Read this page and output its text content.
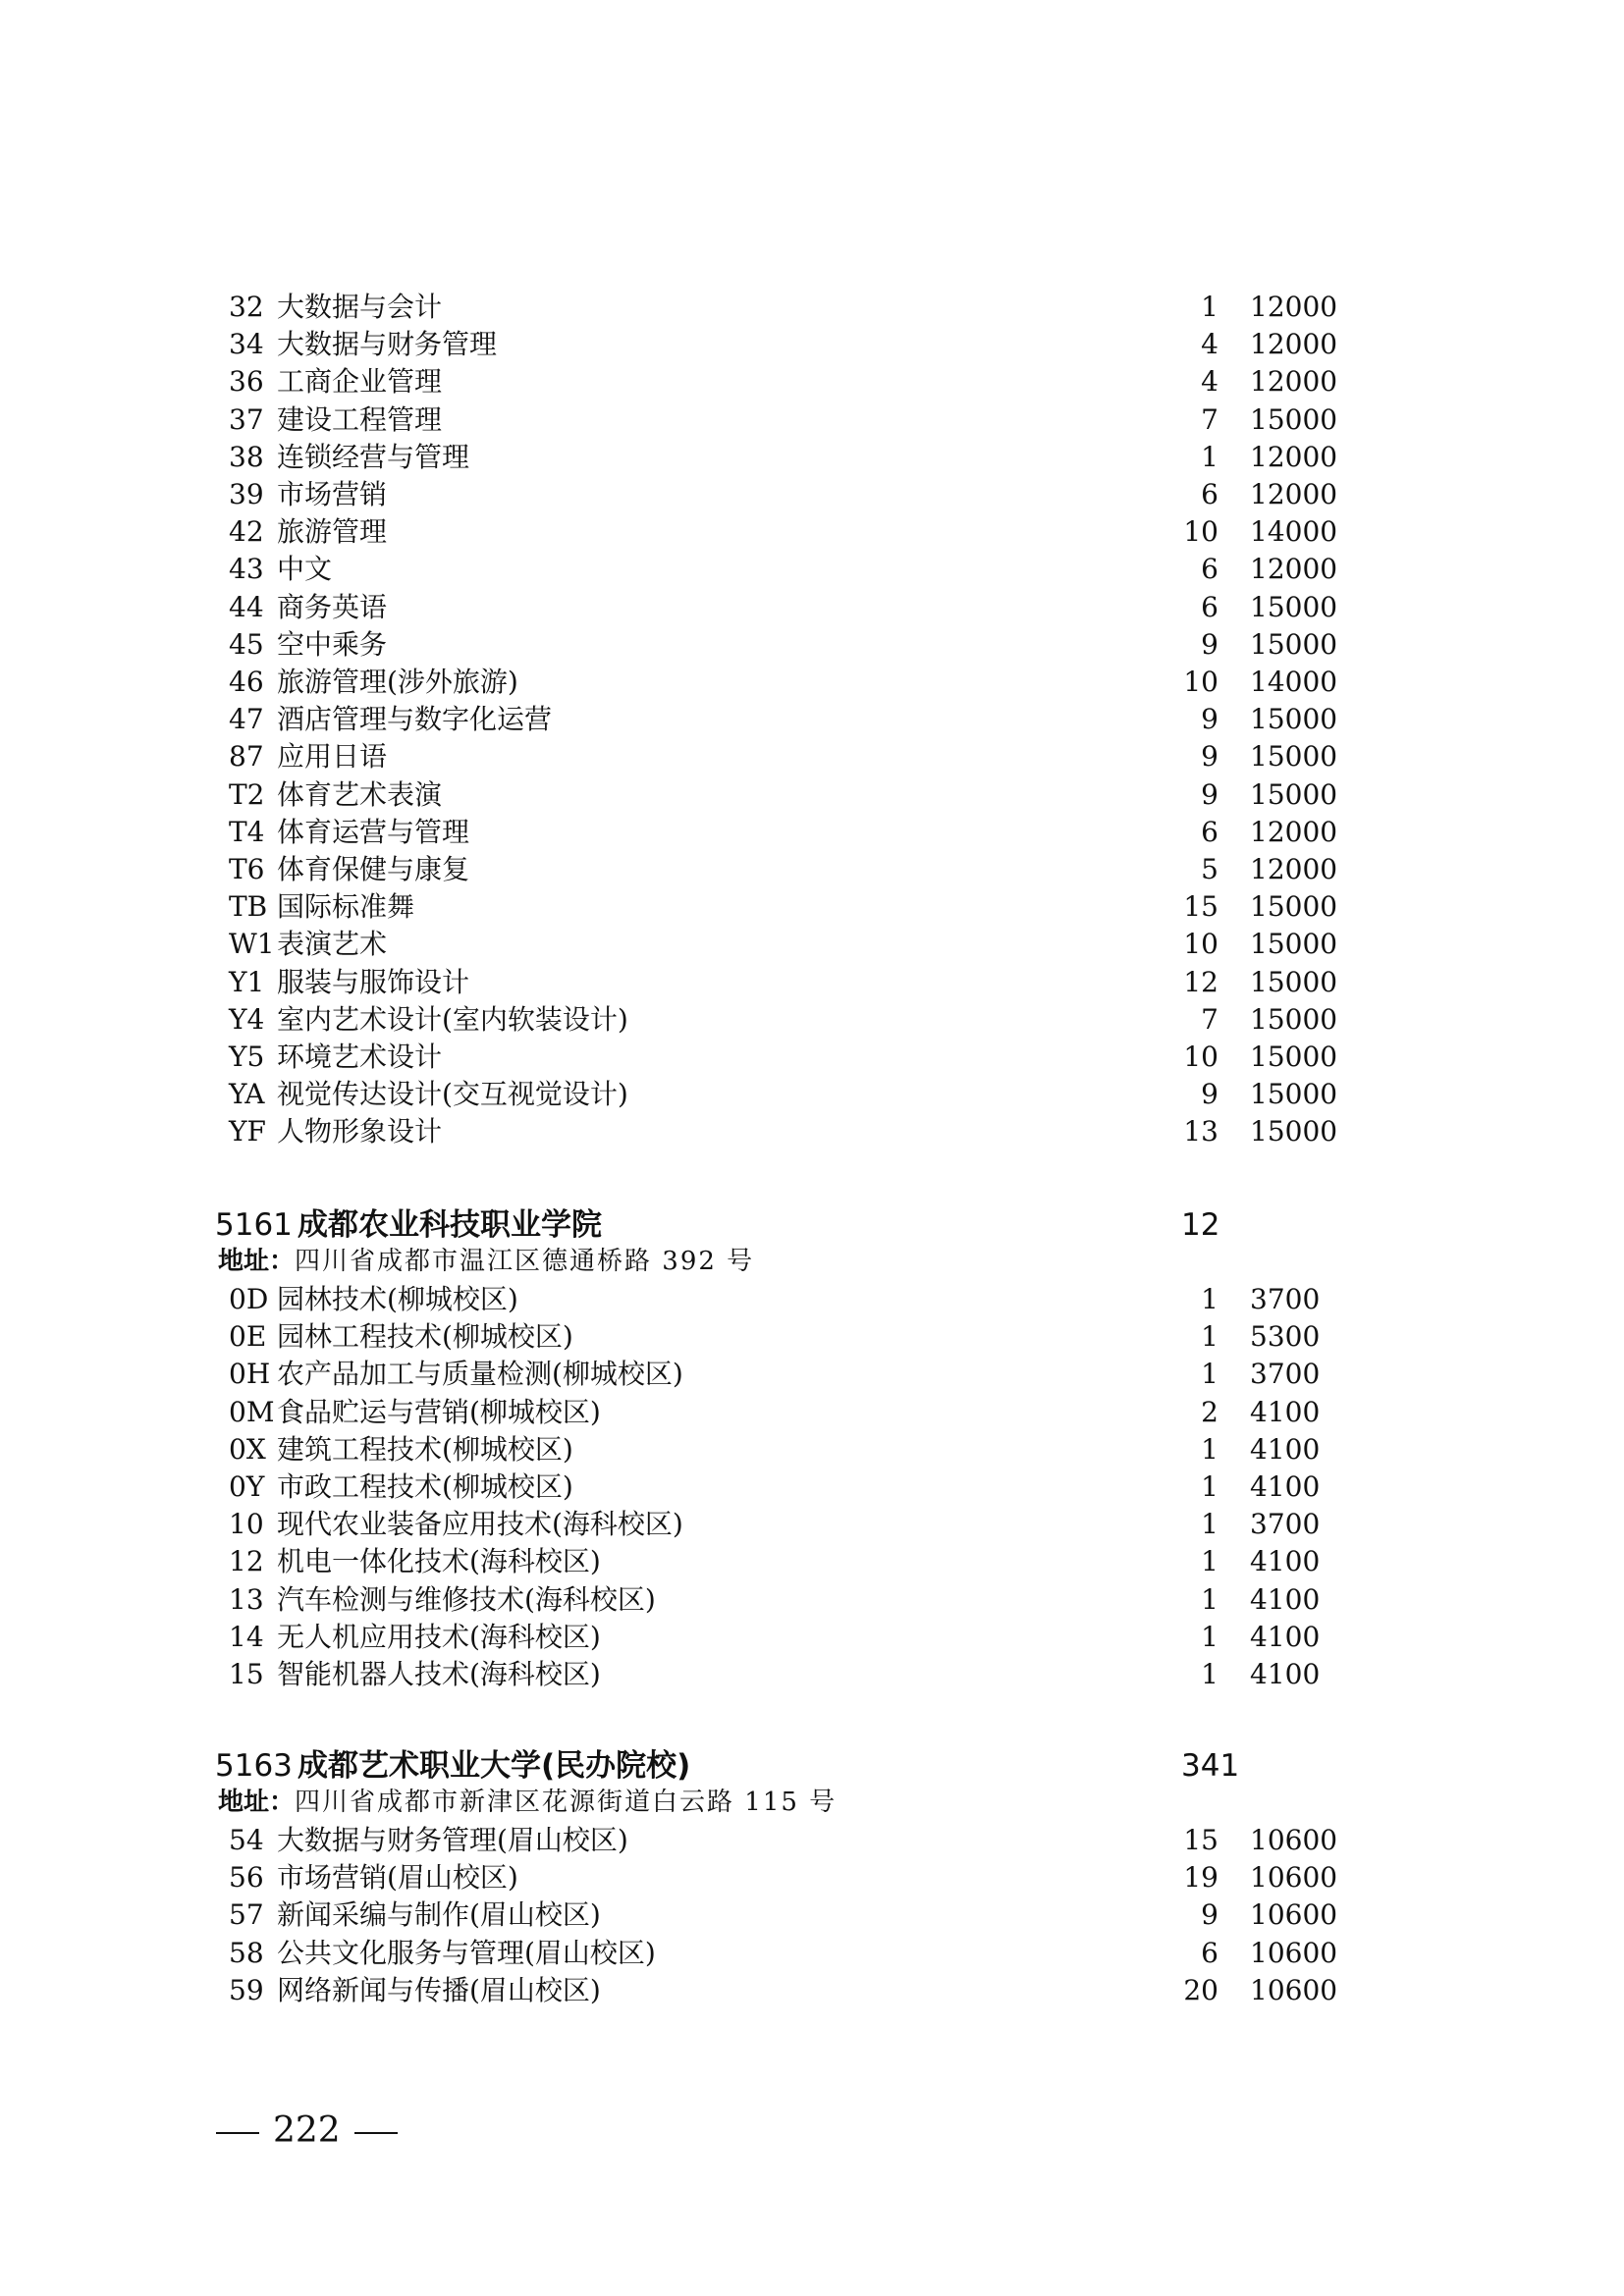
32 大数据与会计	1 12000
34 大数据与财务管理	4 12000
36 工商企业管理	4 12000
37 建设工程管理	7 15000
38 连锁经营与管理	1 12000
39 市场营销	6 12000
42 旅游管理	10 14000
43 中文	6 12000
44 商务英语	6 15000
45 空中乘务	9 15000
46 旅游管理(涉外旅游)	10 14000
47 酒店管理与数字化运营	9 15000
87 应用日语	9 15000
T2 体育艺术表演	9 15000
T4 体育运营与管理	6 12000
T6 体育保健与康复	5 12000
TB 国际标准舞	15 15000
W1 表演艺术	10 15000
Y1 服装与服饰设计	12 15000
Y4 室内艺术设计(室内软装设计)	7 15000
Y5 环境艺术设计	10 15000
YA 视觉传达设计(交互视觉设计)	9 15000
YF 人物形象设计	13 15000
5161 成都农业科技职业学院	12
地址：四川省成都市温江区德通桥路 392 号
0D 园林技术(柳城校区)	1 3700
0E 园林工程技术(柳城校区)	1 5300
0H 农产品加工与质量检测(柳城校区)	1 3700
0M 食品贮运与营销(柳城校区)	2 4100
0X 建筑工程技术(柳城校区)	1 4100
0Y 市政工程技术(柳城校区)	1 4100
10 现代农业装备应用技术(海科校区)	1 3700
12 机电一体化技术(海科校区)	1 4100
13 汽车检测与维修技术(海科校区)	1 4100
14 无人机应用技术(海科校区)	1 4100
15 智能机器人技术(海科校区)	1 4100
5163 成都艺术职业大学(民办院校)	341
地址：四川省成都市新津区花源街道白云路 115 号
54 大数据与财务管理(眉山校区)	15 10600
56 市场营销(眉山校区)	19 10600
57 新闻采编与制作(眉山校区)	9 10600
58 公共文化服务与管理(眉山校区)	6 10600
59 网络新闻与传播(眉山校区)	20 10600
222
